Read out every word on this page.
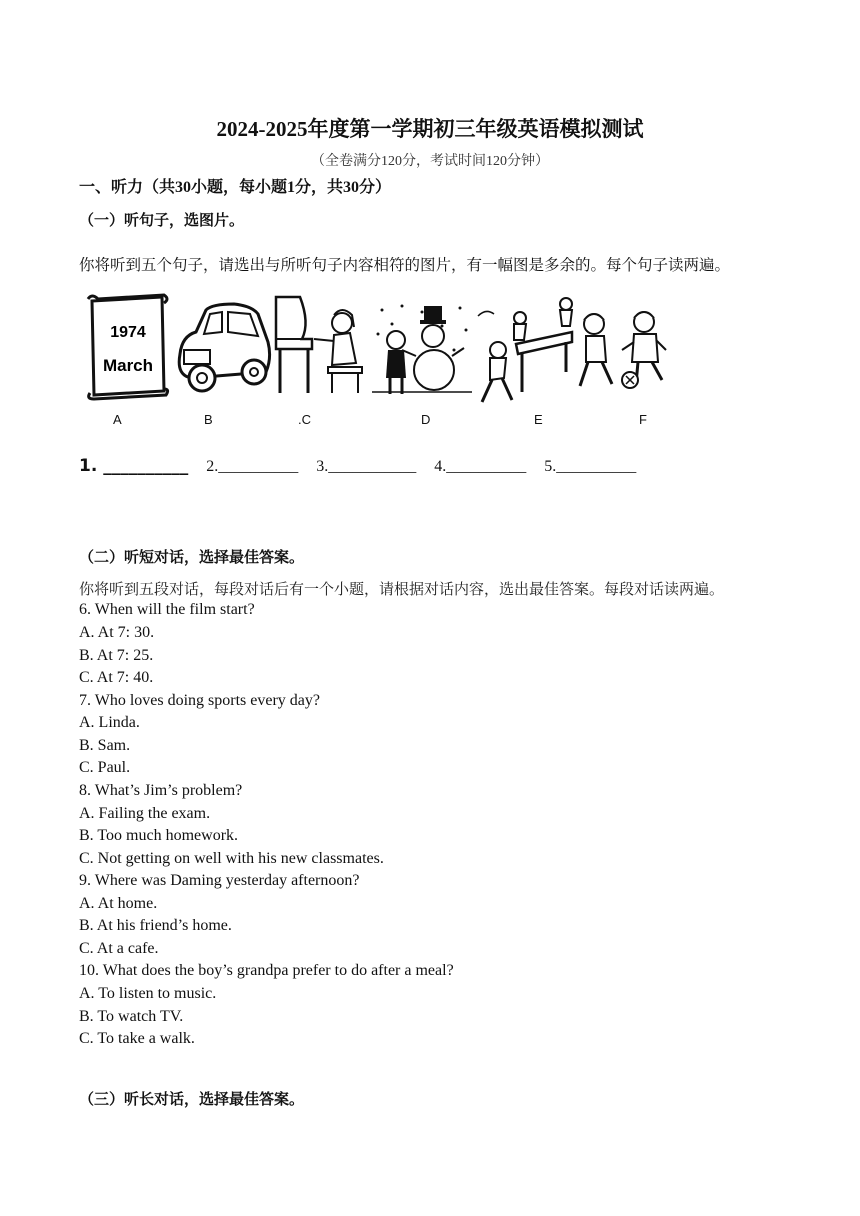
2024-2025年度第一学期初三年级英语模拟测试
（全卷满分120分，考试时间120分钟）
一、听力（共30小题，每小题1分，共30分）
（一）听句子，选图片。
你将听到五个句子，请选出与所听句子内容相符的图片，有一幅图是多余的。每个句子读两遍。
1974
March
A	B	.C	D	E	F
1. __________ 2.__________ 3.___________ 4.__________ 5.__________
（二）听短对话，选择最佳答案。
你将听到五段对话，每段对话后有一个小题，请根据对话内容，选出最佳答案。每段对话读两遍。
6. When will the film start?
A. At 7: 30.
B. At 7: 25.
C. At 7: 40.
7. Who loves doing sports every day?
A. Linda.
B. Sam.
C. Paul.
8. What’s Jim’s problem?
A. Failing the exam.
B. Too much homework.
C. Not getting on well with his new classmates.
9. Where was Daming yesterday afternoon?
A. At home.
B. At his friend’s home.
C. At a cafe.
10. What does the boy’s grandpa prefer to do after a meal?
A. To listen to music.
B. To watch TV.
C. To take a walk.
（三）听长对话，选择最佳答案。
